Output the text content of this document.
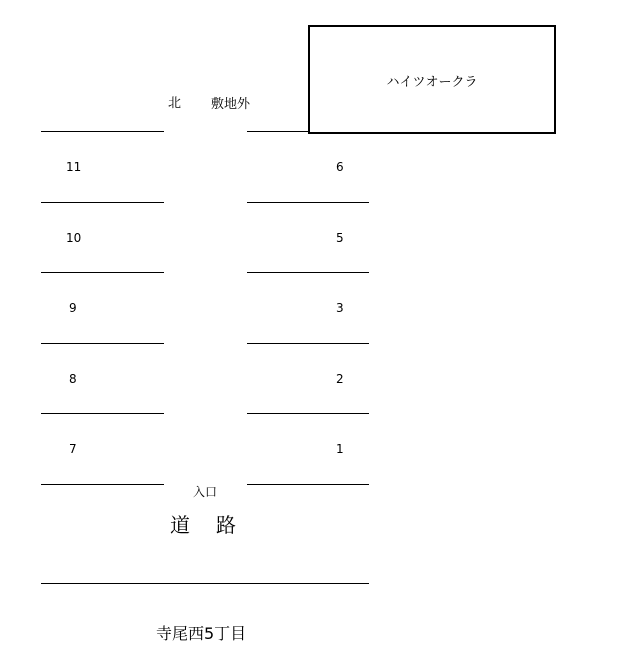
北 敷地外
ハイツオークラ
11
10
9
8
7
6
5
3
2
1
入口
道路
寺尾西5丁目
